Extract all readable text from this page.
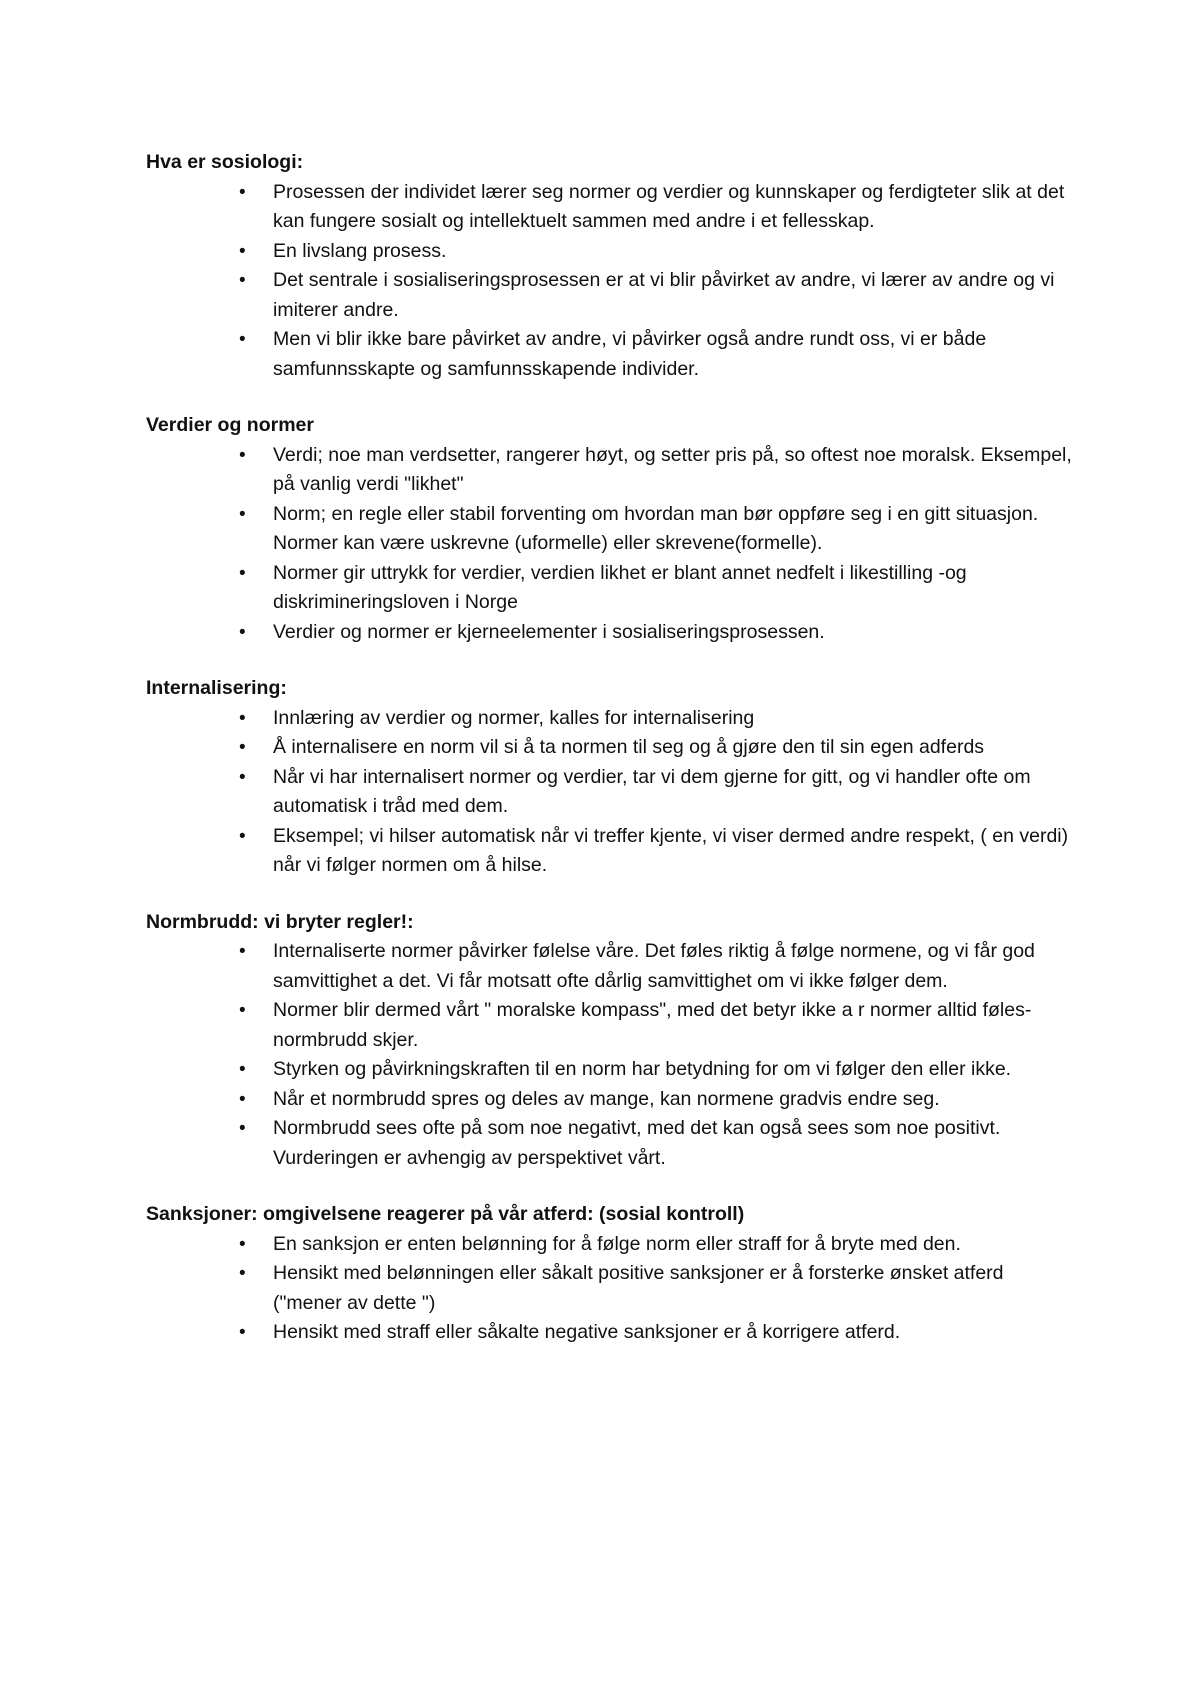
Hva er sosiologi:

• Prosessen der individet lærer seg normer og verdier og kunnskaper og ferdigteter slik at det kan fungere sosialt og intellektuelt sammen med andre i et fellesskap.
• En livslang prosess.
• Det sentrale i sosialiseringsprosessen er at vi blir påvirket av andre, vi lærer av andre og vi imiterer andre.
• Men vi blir ikke bare påvirket av andre, vi påvirker også andre rundt oss, vi er både samfunnsskapte og samfunnsskapende individer.

Verdier og normer

• Verdi; noe man verdsetter, rangerer høyt, og setter pris på, so oftest noe moralsk. Eksempel, på vanlig verdi "likhet"
• Norm; en regle eller stabil forventing om hvordan man bør oppføre seg i en gitt situasjon. Normer kan være uskrevne (uformelle) eller skrevene(formelle).
• Normer gir uttrykk for verdier, verdien likhet er blant annet nedfelt i likestilling -og diskrimineringsloven i Norge
• Verdier og normer er kjerneelementer i sosialiseringsprosessen.

Internalisering:

• Innlæring av verdier og normer, kalles for internalisering
• Å internalisere en norm vil si å ta normen til seg og å gjøre den til sin egen adferds
• Når vi har internalisert normer og verdier, tar vi dem gjerne for gitt, og vi handler ofte om automatisk i tråd med dem.
• Eksempel; vi hilser automatisk når vi treffer kjente, vi viser dermed andre respekt, ( en verdi) når vi følger normen om å hilse.

Normbrudd: vi bryter regler!:

• Internaliserte normer påvirker følelse våre. Det føles riktig å følge normene, og vi får god samvittighet a det. Vi får motsatt ofte dårlig samvittighet om vi ikke følger dem.
• Normer blir dermed vårt " moralske kompass", med det betyr ikke a r normer alltid føles-normbrudd skjer.
• Styrken og påvirkningskraften til en norm har betydning for om vi følger den eller ikke.
• Når et normbrudd spres og deles av mange, kan normene gradvis endre seg.
• Normbrudd sees ofte på som noe negativt, med det kan også sees som noe positivt. Vurderingen er avhengig av perspektivet vårt.

Sanksjoner: omgivelsene reagerer på vår atferd: (sosial kontroll)

• En sanksjon er enten belønning for å følge norm eller straff for å bryte med den.
• Hensikt med belønningen eller såkalt positive sanksjoner er å forsterke ønsket atferd ("mener av dette ")
• Hensikt med straff eller såkalte negative sanksjoner er å korrigere atferd.
